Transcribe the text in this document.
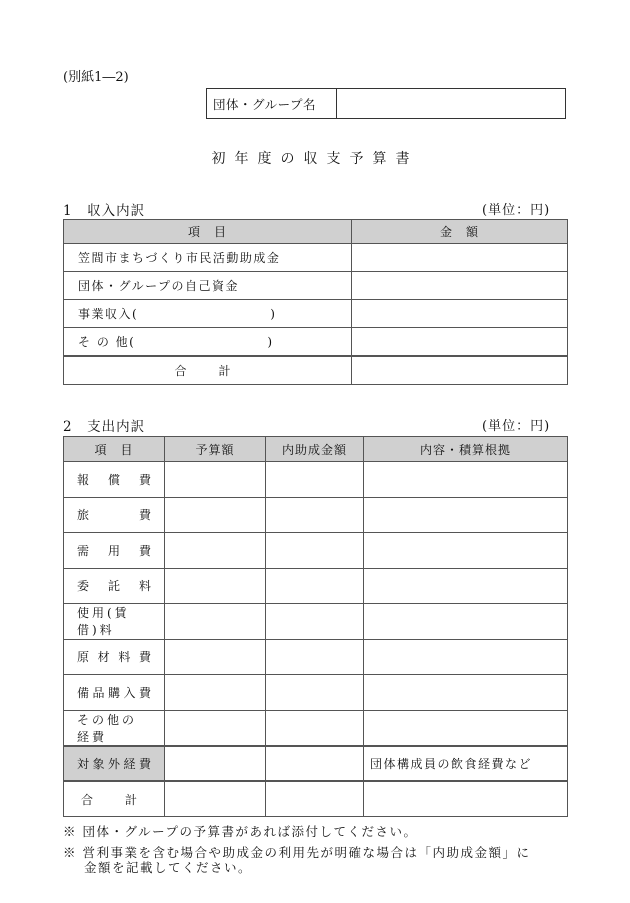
(別紙1―2)
団体・グループ名
初年度の収支予算書
1　収入内訳	(単位：円)
項　目	金　額
笠間市まちづくり市民活動助成金	
団体・グループの自己資金	
事業収入( )	
そ の 他( )	
合　計	
2　支出内訳	(単位：円)
項　目	予算額	内助成金額	内容・積算根拠

報 償 費			

旅 費			

需 用 費			

委 託 料			

使用(賃借)料			

原 材 料 費			

備 品 購 入 費			

その他の経費			

対 象 外 経 費			団体構成員の飲食経費など
合　計			
※ 団体・グループの予算書があれば添付してください。
※ 営利事業を含む場合や助成金の利用先が明確な場合は「内助成金額」に
金額を記載してください。
